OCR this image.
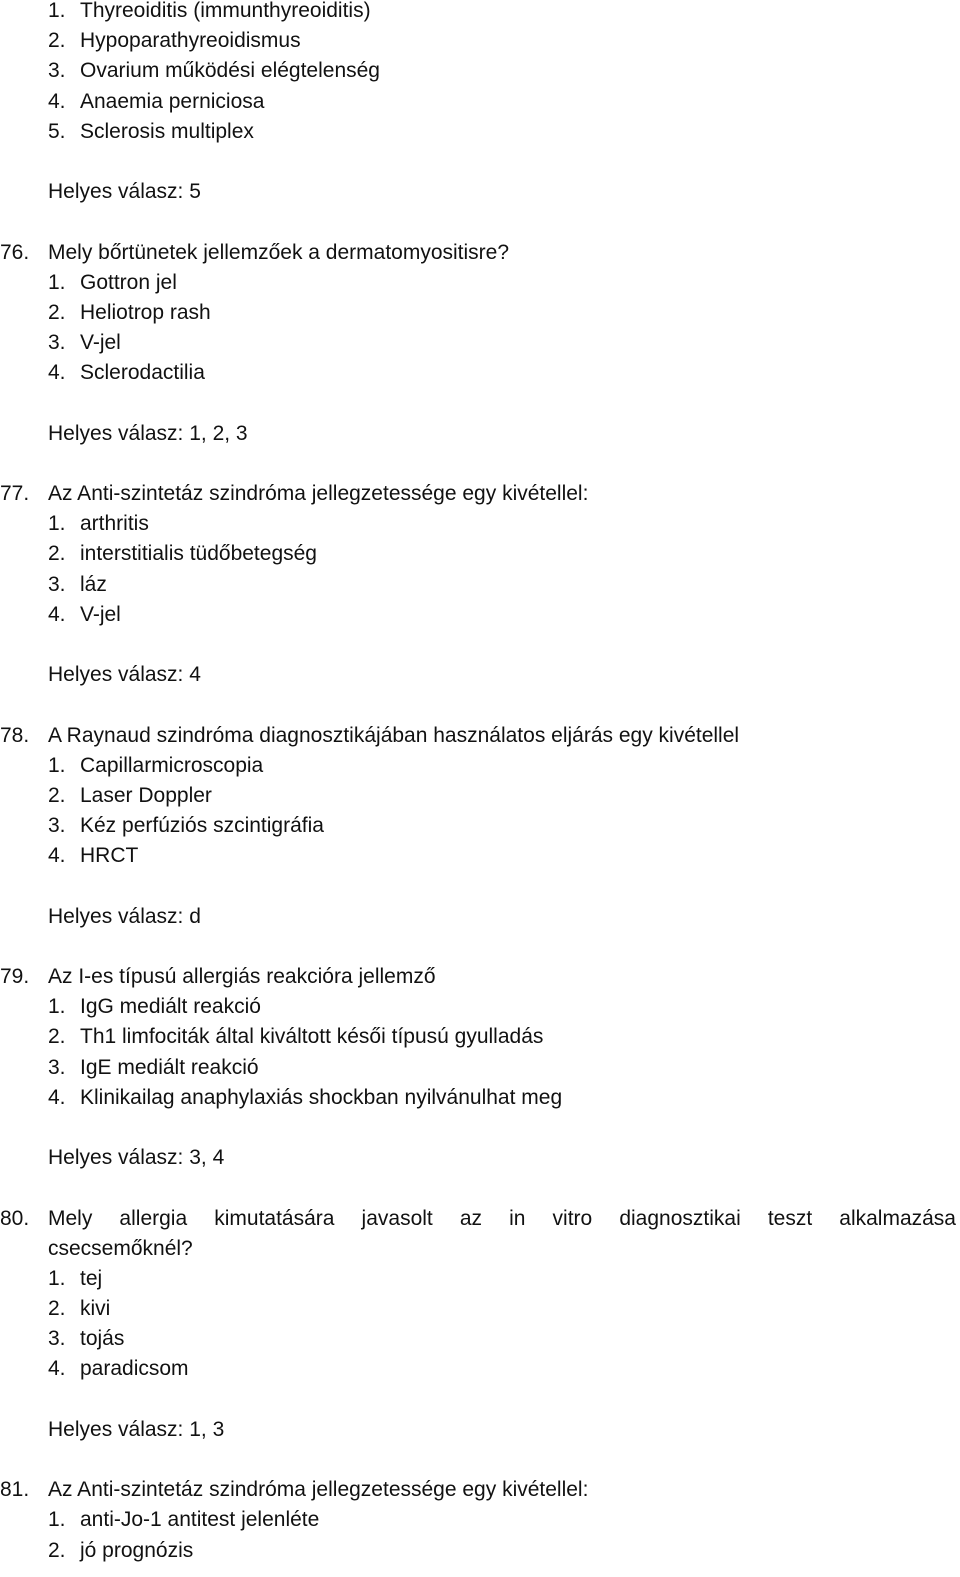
1. Thyreoiditis (immunthyreoiditis)
2. Hypoparathyreoidismus
3. Ovarium működési elégtelenség
4. Anaemia perniciosa
5. Sclerosis multiplex
Helyes válasz: 5
76. Mely bőrtünetek jellemzőek a dermatomyositisre?
1. Gottron jel
2. Heliotrop rash
3. V-jel
4. Sclerodactilia
Helyes válasz: 1, 2, 3
77. Az Anti-szintetáz szindróma jellegzetessége egy kivétellel:
1. arthritis
2. interstitialis tüdőbetegség
3. láz
4. V-jel
Helyes válasz: 4
78. A Raynaud szindróma diagnosztikájában használatos eljárás egy kivétellel
1. Capillarmicroscopia
2. Laser Doppler
3. Kéz perfúziós szcintigráfia
4. HRCT
Helyes válasz: d
79. Az I-es típusú allergiás reakcióra jellemző
1. IgG mediált reakció
2. Th1 limfociták által kiváltott késői típusú gyulladás
3. IgE mediált reakció
4. Klinikailag anaphylaxiás shockban nyilvánulhat meg
Helyes válasz: 3, 4
80. Mely allergia kimutatására javasolt az in vitro diagnosztikai teszt alkalmazása
csecsemőknél?
1. tej
2. kivi
3. tojás
4. paradicsom
Helyes válasz: 1, 3
81. Az Anti-szintetáz szindróma jellegzetessége egy kivétellel:
1. anti-Jo-1 antitest jelenléte
2. jó prognózis
